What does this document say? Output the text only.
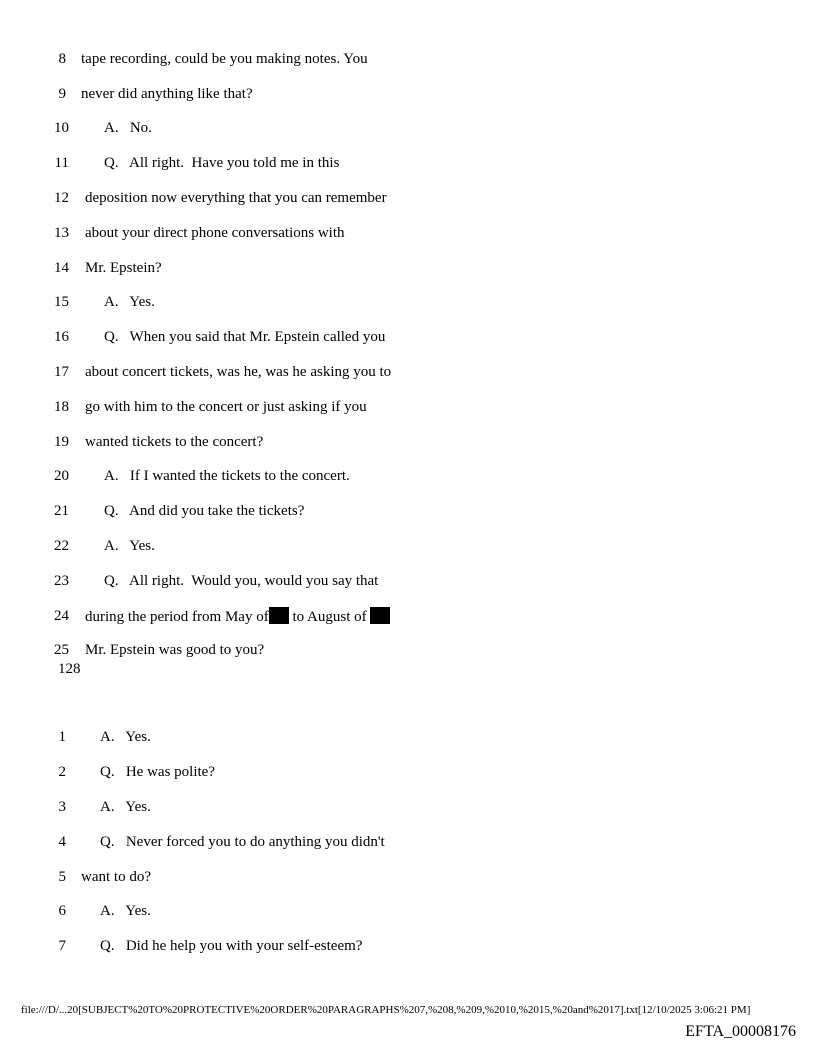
8 tape recording, could be you making notes. You
9 never did anything like that?
10 A.   No.
11 Q.   All right.  Have you told me in this
12 deposition now everything that you can remember
13 about your direct phone conversations with
14 Mr. Epstein?
15 A.   Yes.
16 Q.   When you said that Mr. Epstein called you
17 about concert tickets, was he, was he asking you to
18 go with him to the concert or just asking if you
19 wanted tickets to the concert?
20 A.   If I wanted the tickets to the concert.
21 Q.   And did you take the tickets?
22 A.   Yes.
23 Q.   All right.  Would you, would you say that
24 during the period from May of to August of
25 Mr. Epstein was good to you?
128
1 A.   Yes.
2 Q.   He was polite?
3 A.   Yes.
4 Q.   Never forced you to do anything you didn't
5 want to do?
6 A.   Yes.
7 Q.   Did he help you with your self-esteem?
file:///D/...20[SUBJECT%20TO%20PROTECTIVE%20ORDER%20PARAGRAPHS%207,%208,%209,%2010,%2015,%20and%2017].txt[12/10/2025 3:06:21 PM]
EFTA_00008176
